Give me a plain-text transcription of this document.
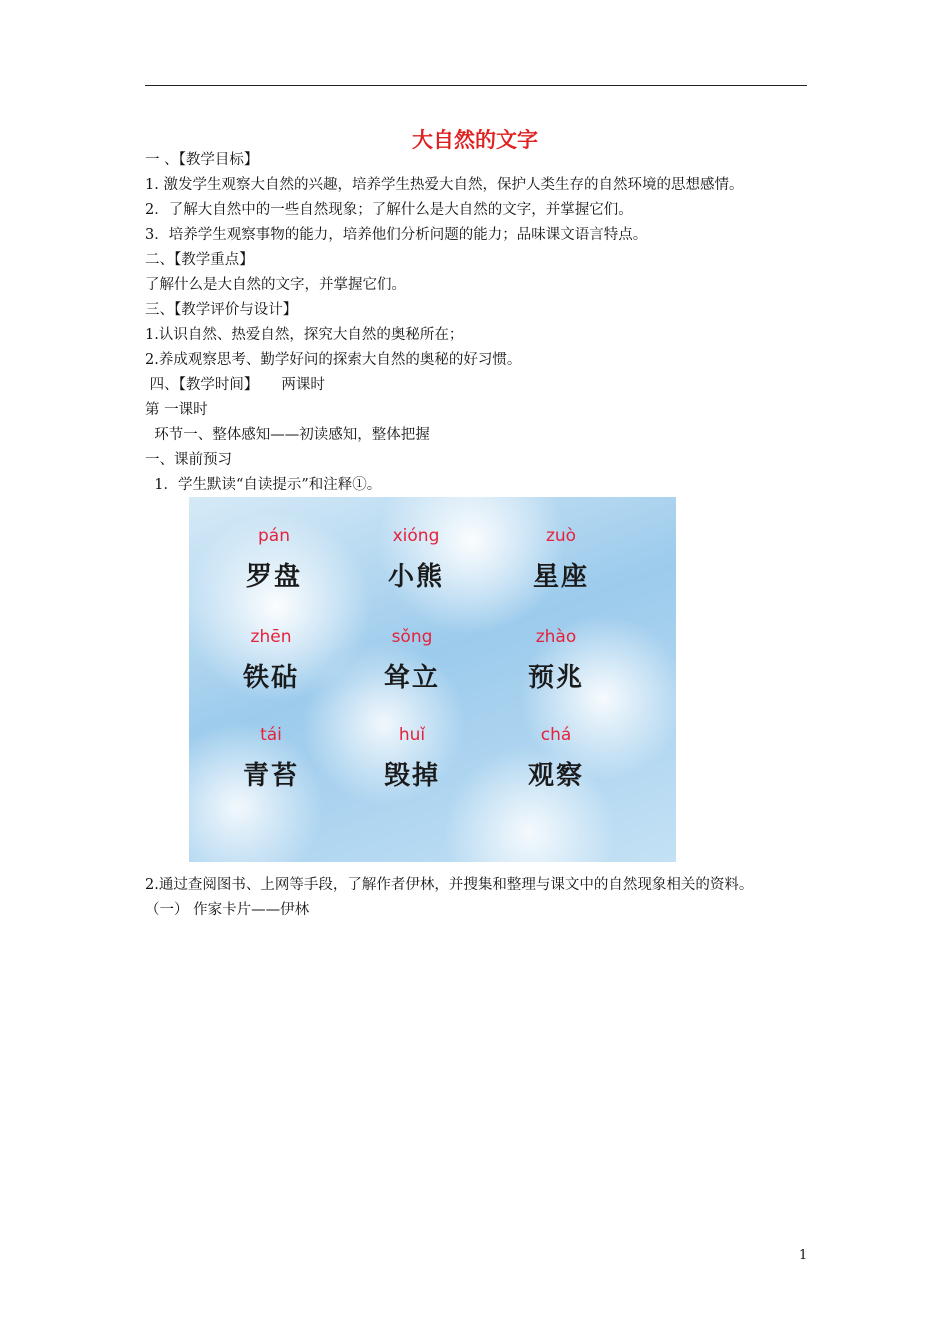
大自然的文字
一 、【教学目标】
1. 激发学生观察大自然的兴趣，培养学生热爱大自然，保护人类生存的自然环境的思想感情。
2．了解大自然中的一些自然现象；了解什么是大自然的文字，并掌握它们。
3．培养学生观察事物的能力，培养他们分析问题的能力；品味课文语言特点。
二、【教学重点】
了解什么是大自然的文字，并掌握它们。
三、【教学评价与设计】
1.认识自然、热爱自然，探究大自然的奥秘所在；
2.养成观察思考、勤学好问的探索大自然的奥秘的好习惯。
四、【教学时间】     两课时
第 一课时
环节一、整体感知——初读感知，整体把握
一、课前预习
1．学生默读“自读提示”和注释①。
pán
罗盘
xióng
小熊
zuò
星座
zhēn
铁砧
sǒng
耸立
zhào
预兆
tái
青苔
huǐ
毁掉
chá
观察
2.通过查阅图书、上网等手段，了解作者伊林，并搜集和整理与课文中的自然现象相关的资料。
（一） 作家卡片——伊林
1
